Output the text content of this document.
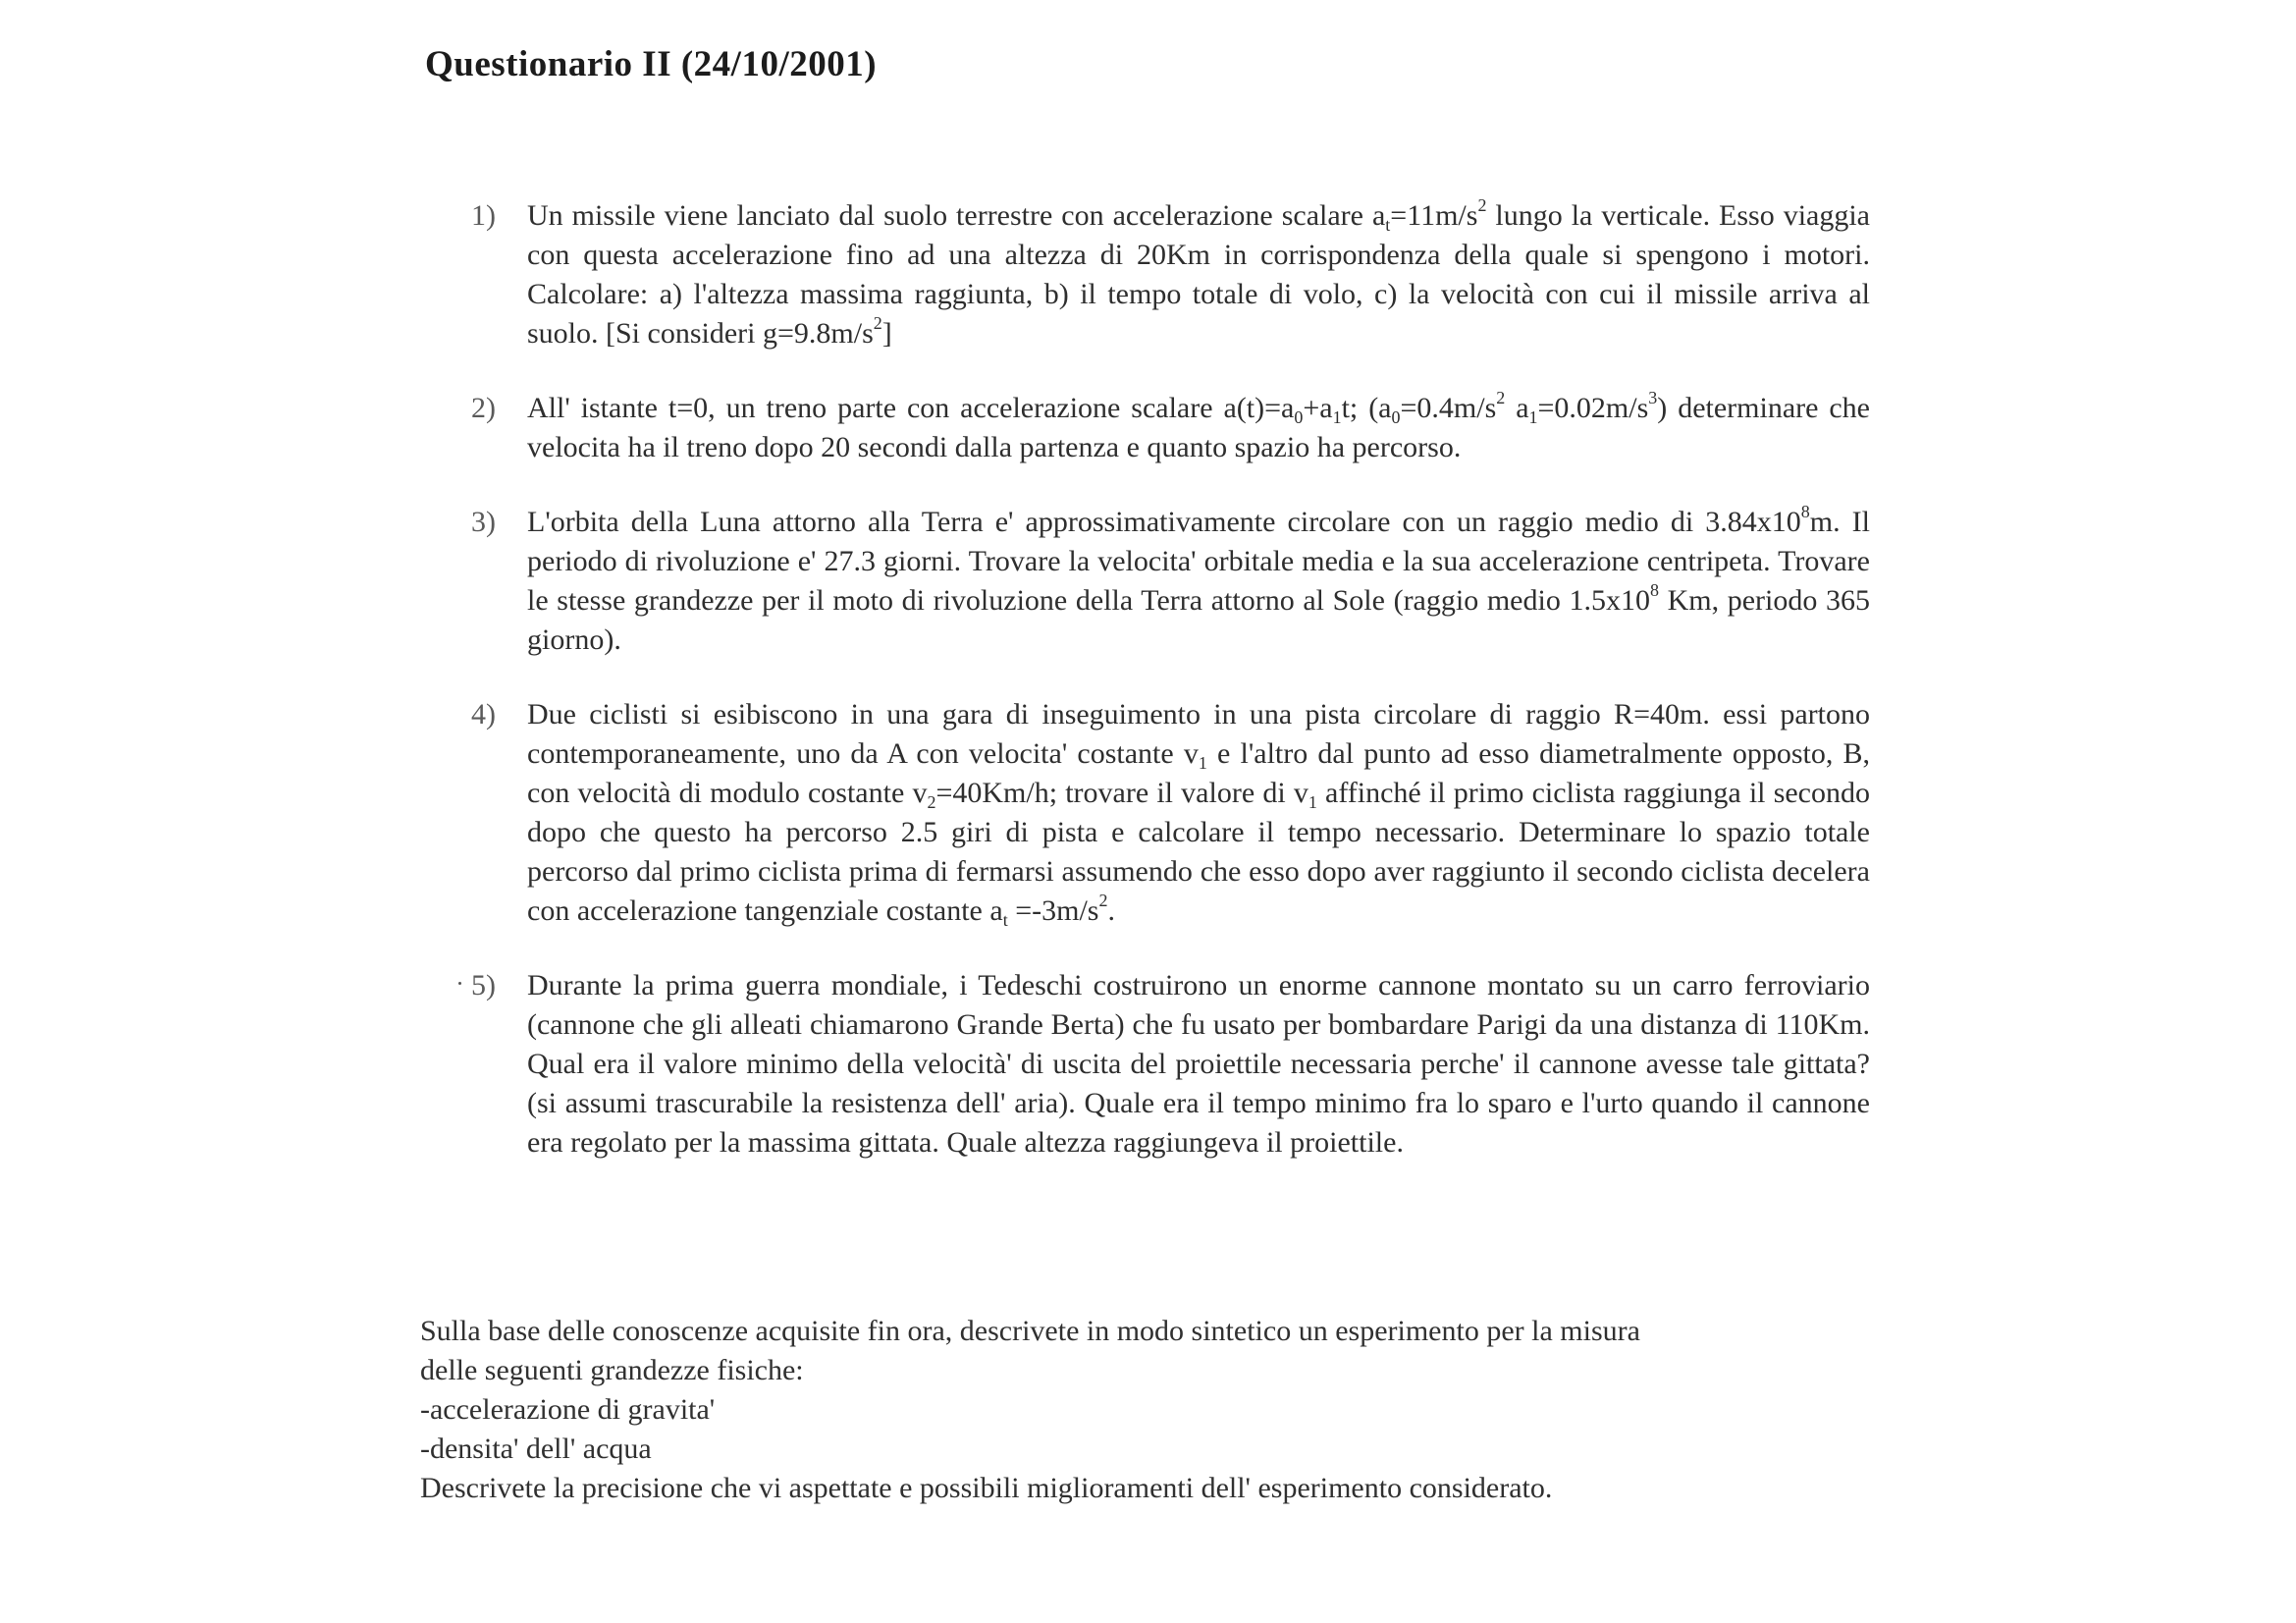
Questionario II (24/10/2001)
1) Un missile viene lanciato dal suolo terrestre con accelerazione scalare $a_t=11m/s^2$ lungo la verticale. Esso viaggia con questa accelerazione fino ad una altezza di 20Km in corrispondenza della quale si spengono i motori. Calcolare: a) l'altezza massima raggiunta, b) il tempo totale di volo, c) la velocità con cui il missile arriva al suolo. [Si consideri $g=9.8m/s^2$]
2) All' istante t=0, un treno parte con accelerazione scalare $a(t)=a_0+a_1t$; ($a_0=0.4m/s^2$ $a_1=0.02m/s^3$) determinare che velocita ha il treno dopo 20 secondi dalla partenza e quanto spazio ha percorso.
3) L'orbita della Luna attorno alla Terra e' approssimativamente circolare con un raggio medio di $3.84x10^8m$. Il periodo di rivoluzione e' 27.3 giorni. Trovare la velocita' orbitale media e la sua accelerazione centripeta. Trovare le stesse grandezze per il moto di rivoluzione della Terra attorno al Sole (raggio medio $1.5x10^8$ Km, periodo 365 giorno).
4) Due ciclisti si esibiscono in una gara di inseguimento in una pista circolare di raggio R=40m. essi partono contemporaneamente, uno da A con velocita' costante $v_1$ e l'altro dal punto ad esso diametralmente opposto, B, con velocità di modulo costante $v_2=40Km/h$; trovare il valore di $v_1$ affinché il primo ciclista raggiunga il secondo dopo che questo ha percorso 2.5 giri di pista e calcolare il tempo necessario. Determinare lo spazio totale percorso dal primo ciclista prima di fermarsi assumendo che esso dopo aver raggiunto il secondo ciclista decelera con accelerazione tangenziale costante $a_t =-3m/s^2$.
5) Durante la prima guerra mondiale, i Tedeschi costruirono un enorme cannone montato su un carro ferroviario (cannone che gli alleati chiamarono Grande Berta) che fu usato per bombardare Parigi da una distanza di 110Km. Qual era il valore minimo della velocità' di uscita del proiettile necessaria perche' il cannone avesse tale gittata? (si assumi trascurabile la resistenza dell' aria). Quale era il tempo minimo fra lo sparo e l'urto quando il cannone era regolato per la massima gittata. Quale altezza raggiungeva il proiettile.
Sulla base delle conoscenze acquisite fin ora, descrivete in modo sintetico un esperimento per la misura
delle seguenti grandezze fisiche:
-accelerazione di gravita'
-densita' dell' acqua
Descrivete la precisione che vi aspettate e possibili miglioramenti dell' esperimento considerato.
